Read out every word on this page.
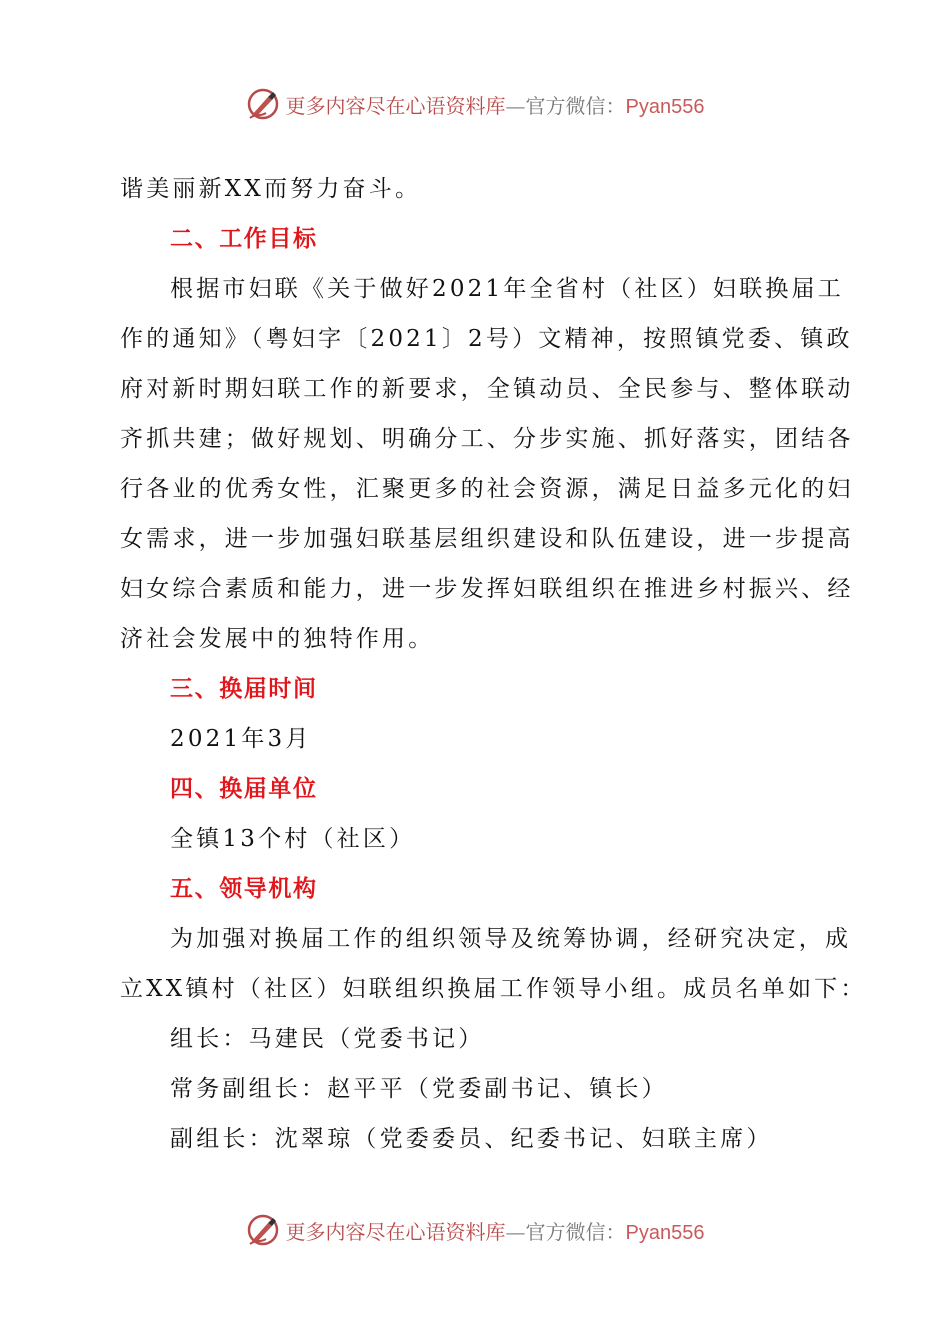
更多内容尽在心语资料库—官方微信：Pyan556
谐美丽新XX而努力奋斗。
二、工作目标
根据市妇联《关于做好2021年全省村（社区）妇联换届工
作的通知》（粤妇字〔2021〕2号）文精神，按照镇党委、镇政
府对新时期妇联工作的新要求，全镇动员、全民参与、整体联动
齐抓共建；做好规划、明确分工、分步实施、抓好落实，团结各
行各业的优秀女性，汇聚更多的社会资源，满足日益多元化的妇
女需求，进一步加强妇联基层组织建设和队伍建设，进一步提高
妇女综合素质和能力，进一步发挥妇联组织在推进乡村振兴、经
济社会发展中的独特作用。
三、换届时间
2021年3月
四、换届单位
全镇13个村（社区）
五、领导机构
为加强对换届工作的组织领导及统筹协调，经研究决定，成
立XX镇村（社区）妇联组织换届工作领导小组。成员名单如下：
组长：马建民（党委书记）
常务副组长：赵平平（党委副书记、镇长）
副组长：沈翠琼（党委委员、纪委书记、妇联主席）
更多内容尽在心语资料库—官方微信：Pyan556
